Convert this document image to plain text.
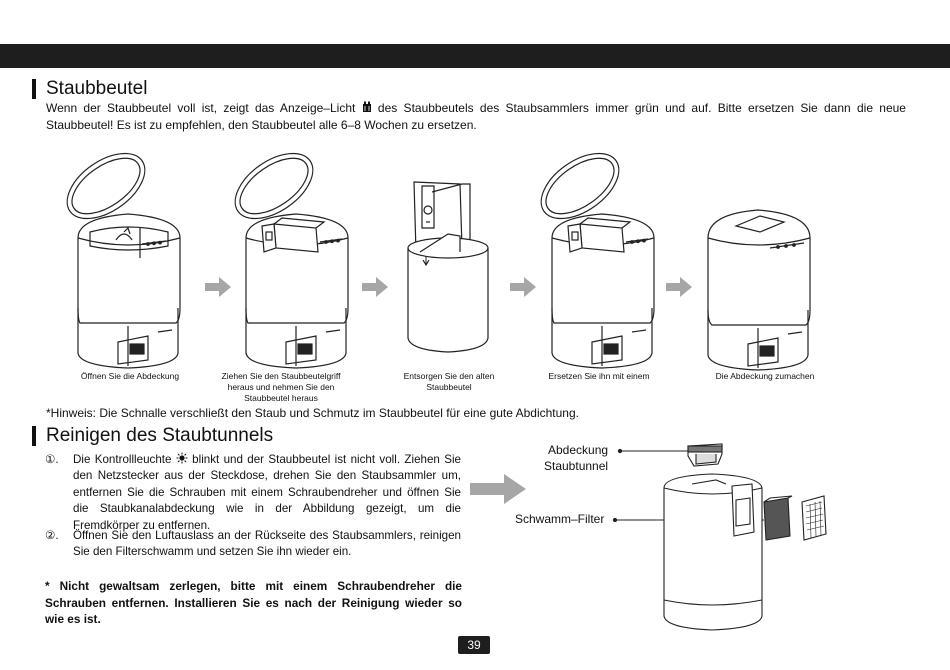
Staubbeutel
Wenn der Staubbeutel voll ist, zeigt das Anzeige–Licht des Staubbeutels des Staubsammlers immer grün und auf. Bitte ersetzen Sie dann die neue Staubbeutel! Es ist zu empfehlen, den Staubbeutel alle 6–8 Wochen zu ersetzen.
Öffnen Sie die Abdeckung	Ziehen Sie den Staubbeutelgriff heraus und nehmen Sie den Staubbeutel heraus
Entsorgen Sie den alten Staubbeutel
Ersetzen Sie ihn mit einem	Die Abdeckung zumachen
*Hinweis: Die Schnalle verschließt den Staub und Schmutz im Staubbeutel für eine gute Abdichtung.
Reinigen des Staubtunnels
①. Die Kontrollleuchte blinkt und der Staubbeutel ist nicht voll. Ziehen Sie den Netzstecker aus der Steckdose, drehen Sie den Staubsammler um, entfernen Sie die Schrauben mit einem Schraubendreher und öffnen Sie die Staubkanalabdeckung wie in der Abbildung gezeigt, um die Fremdkörper zu entfernen.
②. Öffnen Sie den Luftauslass an der Rückseite des Staubsammlers, reinigen Sie den Filterschwamm und setzen Sie ihn wieder ein.
* Nicht gewaltsam zerlegen, bitte mit einem Schraubendreher die Schrauben entfernen. Installieren Sie es nach der Reinigung wieder so wie es ist.
Abdeckung
Staubtunnel
Schwamm–Filter
39
